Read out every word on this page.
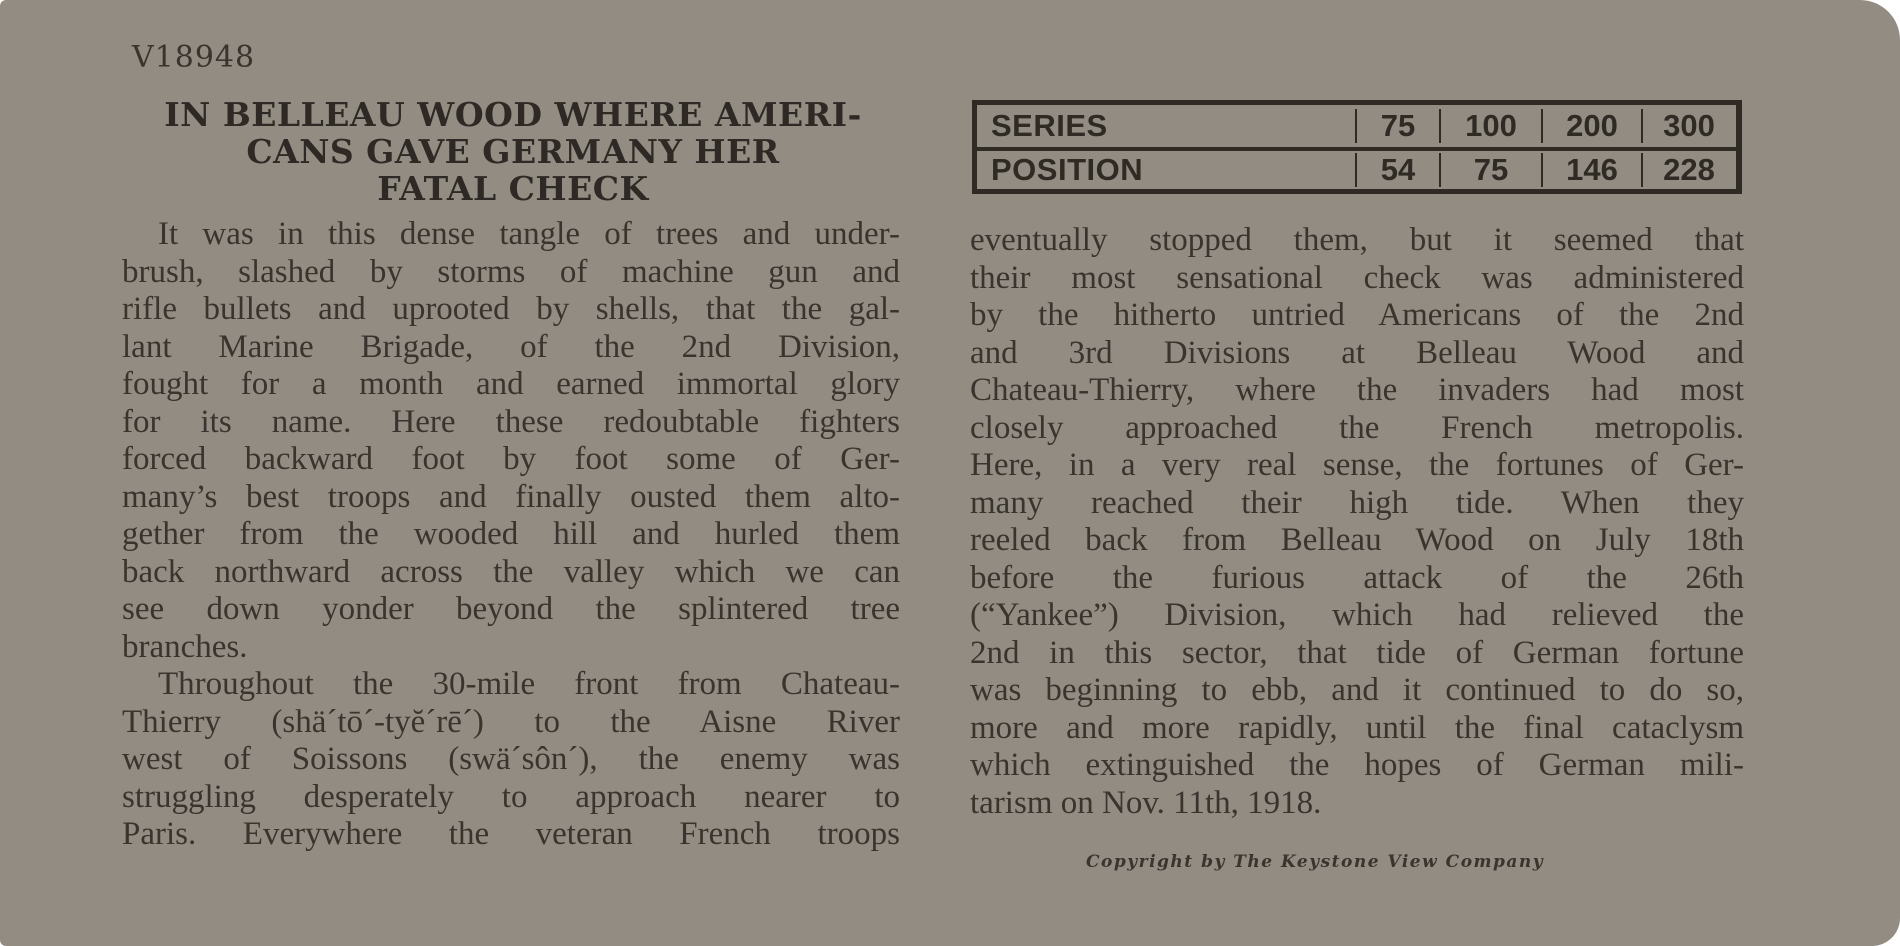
V18948
IN BELLEAU WOOD WHERE AMERI-
CANS GAVE GERMANY HER
FATAL CHECK
SERIES	75	100	200	300
POSITION	54	75	146	228
It was in this dense tangle of trees and under-
brush, slashed by storms of machine gun and
rifle bullets and uprooted by shells, that the gal-
lant Marine Brigade, of the 2nd Division,
fought for a month and earned immortal glory
for its name. Here these redoubtable fighters
forced backward foot by foot some of Ger-
many’s best troops and finally ousted them alto-
gether from the wooded hill and hurled them
back northward across the valley which we can
see down yonder beyond the splintered tree
branches.
Throughout the 30-mile front from Chateau-
Thierry (shä´tō´-tyĕ´rē´) to the Aisne River
west of Soissons (swä´sôn´), the enemy was
struggling desperately to approach nearer to
Paris. Everywhere the veteran French troops
eventually stopped them, but it seemed that
their most sensational check was administered
by the hitherto untried Americans of the 2nd
and 3rd Divisions at Belleau Wood and
Chateau-Thierry, where the invaders had most
closely approached the French metropolis.
Here, in a very real sense, the fortunes of Ger-
many reached their high tide. When they
reeled back from Belleau Wood on July 18th
before the furious attack of the 26th
(“Yankee”) Division, which had relieved the
2nd in this sector, that tide of German fortune
was beginning to ebb, and it continued to do so,
more and more rapidly, until the final cataclysm
which extinguished the hopes of German mili-
tarism on Nov. 11th, 1918.
Copyright by The Keystone View Company
